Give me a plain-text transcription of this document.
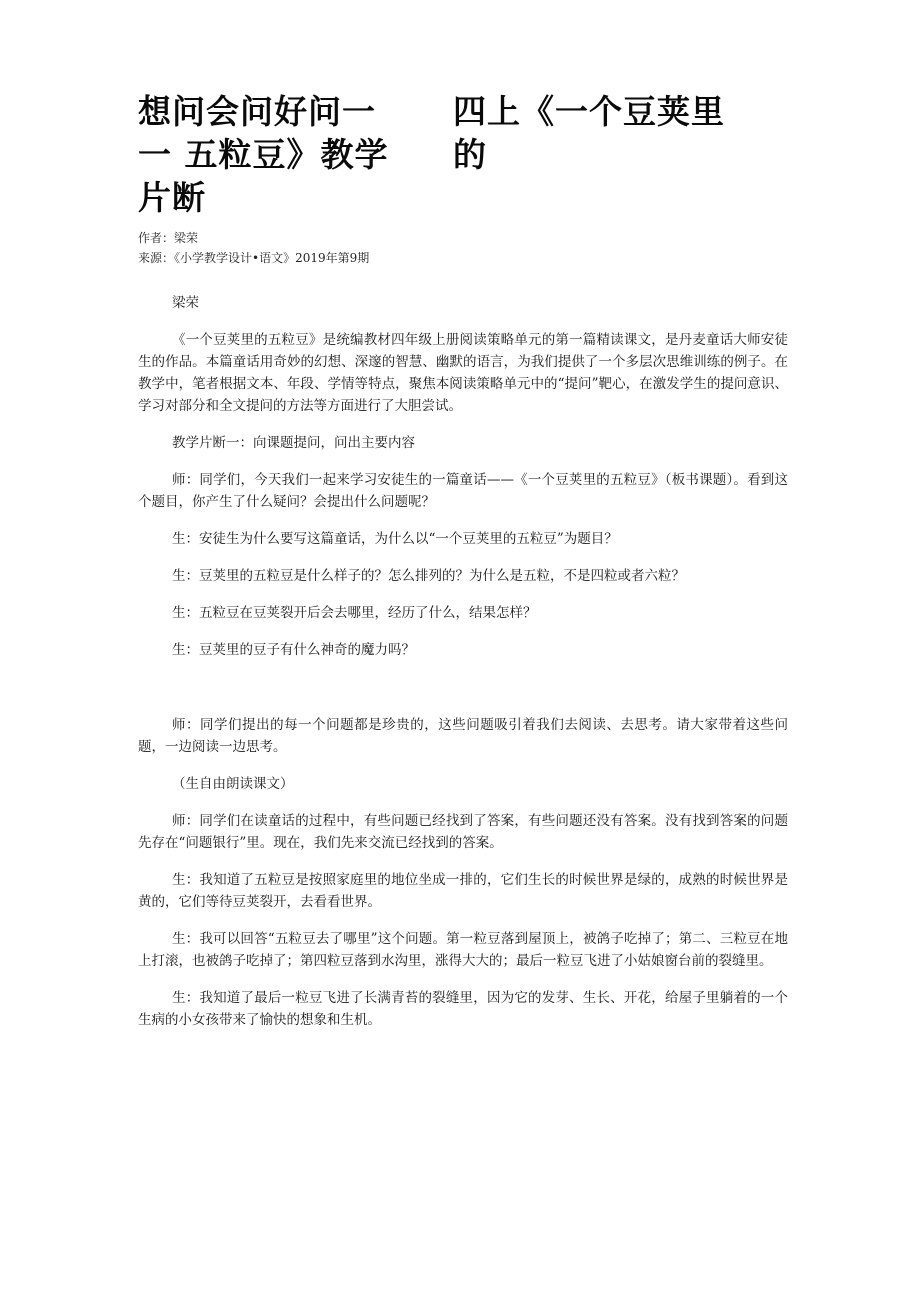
想问会问好问一
一 五粒豆》教学
片断
四上《一个豆荚里
的
作者：梁荣
来源：《小学教学设计•语文》2019年第9期

梁荣

《一个豆荚里的五粒豆》是统编教材四年级上册阅读策略单元的第一篇精读课文，是丹麦童话大师安徒生的作品。本篇童话用奇妙的幻想、深邃的智慧、幽默的语言，为我们提供了一个多层次思维训练的例子。在教学中，笔者根据文本、年段、学情等特点，聚焦本阅读策略单元中的“提问”靶心，在激发学生的提问意识、学习对部分和全文提问的方法等方面进行了大胆尝试。

教学片断一：向课题提问，问出主要内容

师：同学们，今天我们一起来学习安徒生的一篇童话——《一个豆荚里的五粒豆》（板书课题）。看到这个题目，你产生了什么疑问？会提出什么问题呢？

生：安徒生为什么要写这篇童话，为什么以“一个豆荚里的五粒豆”为题目？

生：豆荚里的五粒豆是什么样子的？怎么排列的？为什么是五粒，不是四粒或者六粒？

生：五粒豆在豆荚裂开后会去哪里，经历了什么，结果怎样？

生：豆荚里的豆子有什么神奇的魔力吗？

师：同学们提出的每一个问题都是珍贵的，这些问题吸引着我们去阅读、去思考。请大家带着这些问题，一边阅读一边思考。

（生自由朗读课文）

师：同学们在读童话的过程中，有些问题已经找到了答案，有些问题还没有答案。没有找到答案的问题先存在“问题银行”里。现在，我们先来交流已经找到的答案。

生：我知道了五粒豆是按照家庭里的地位坐成一排的，它们生长的时候世界是绿的，成熟的时候世界是黄的，它们等待豆荚裂开，去看看世界。

生：我可以回答“五粒豆去了哪里”这个问题。第一粒豆落到屋顶上，被鸽子吃掉了；第二、三粒豆在地上打滚，也被鸽子吃掉了；第四粒豆落到水沟里，涨得大大的；最后一粒豆飞进了小姑娘窗台前的裂缝里。

生：我知道了最后一粒豆飞进了长满青苔的裂缝里，因为它的发芽、生长、开花，给屋子里躺着的一个生病的小女孩带来了愉快的想象和生机。
